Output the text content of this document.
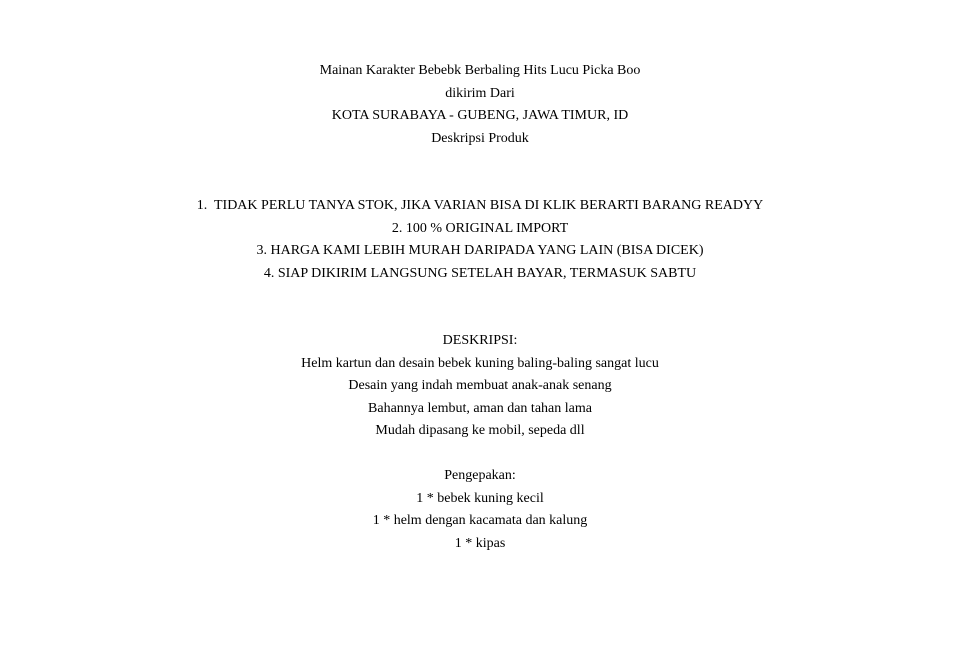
Mainan Karakter Bebebk Berbaling Hits Lucu Picka Boo
dikirim Dari
KOTA SURABAYA - GUBENG, JAWA TIMUR, ID
Deskripsi Produk
1.  TIDAK PERLU TANYA STOK, JIKA VARIAN BISA DI KLIK BERARTI BARANG READYY
2. 100 % ORIGINAL IMPORT
3. HARGA KAMI LEBIH MURAH DARIPADA YANG LAIN (BISA DICEK)
4. SIAP DIKIRIM LANGSUNG SETELAH BAYAR, TERMASUK SABTU
DESKRIPSI:
Helm kartun dan desain bebek kuning baling-baling sangat lucu
Desain yang indah membuat anak-anak senang
Bahannya lembut, aman dan tahan lama
Mudah dipasang ke mobil, sepeda dll
Pengepakan:
1 * bebek kuning kecil
1 * helm dengan kacamata dan kalung
1 * kipas
